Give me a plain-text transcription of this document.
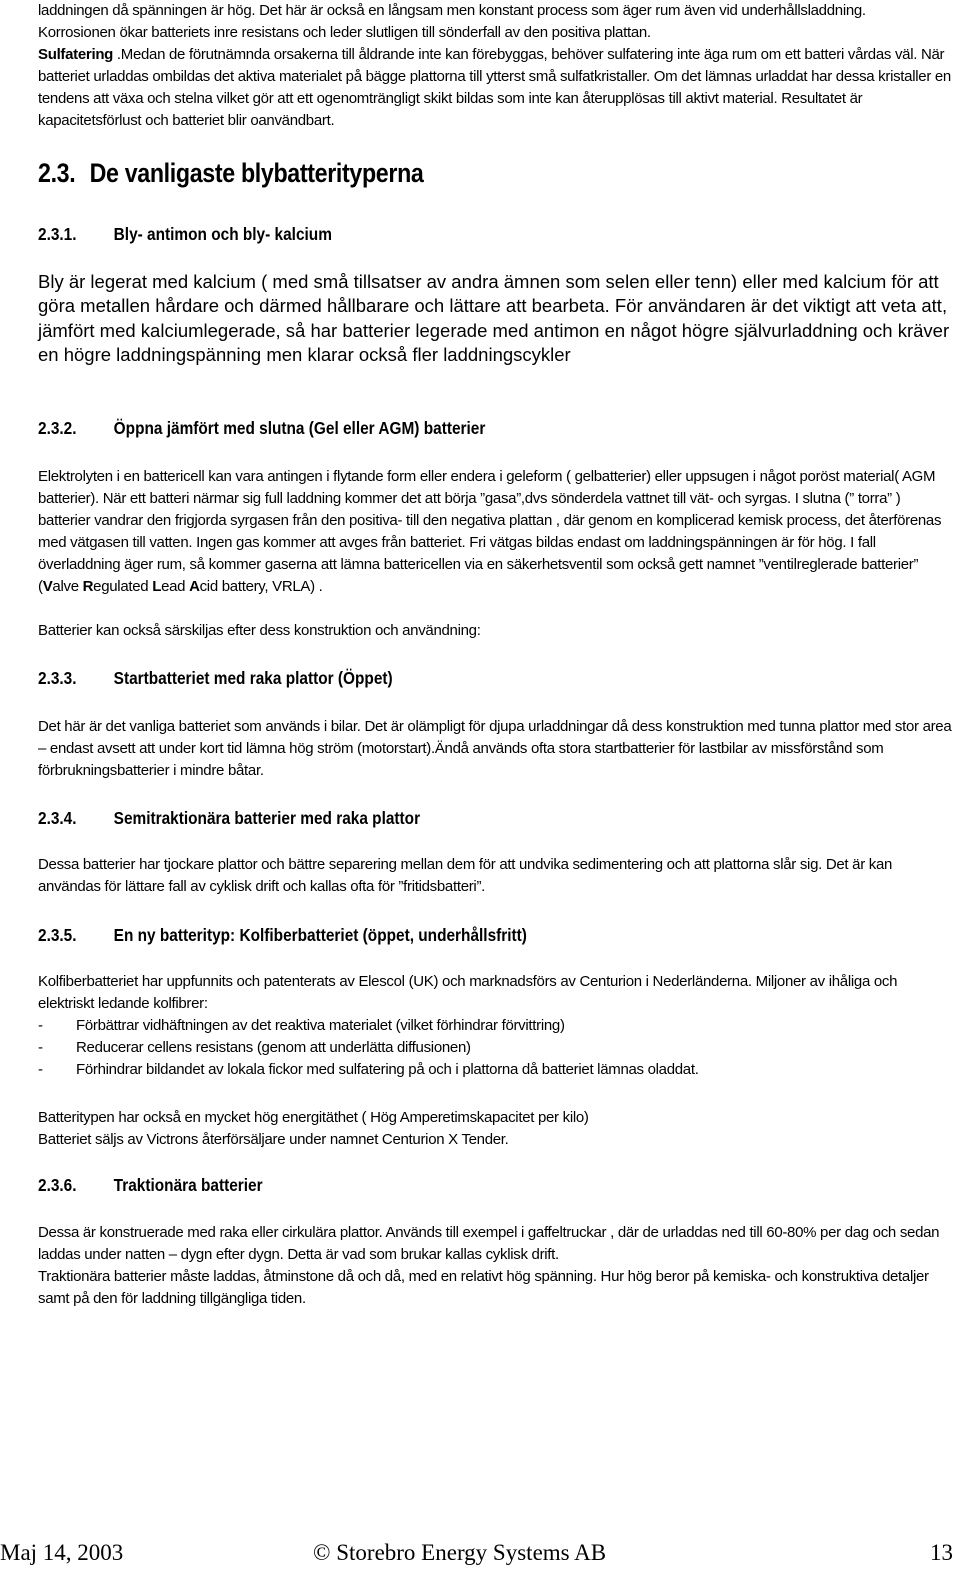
laddningen då spänningen är hög. Det här är också en långsam men konstant process som äger rum även vid underhållsladdning.

Korrosionen ökar batteriets inre resistans och leder slutligen till sönderfall av den positiva plattan.

Sulfatering .Medan de förutnämnda orsakerna till åldrande inte kan förebyggas, behöver sulfatering inte äga rum om ett batteri vårdas väl. När batteriet urladdas ombildas det aktiva materialet på bägge plattorna till ytterst små sulfatkristaller. Om det lämnas urladdat har dessa kristaller en tendens att växa och stelna vilket gör att ett ogenomträngligt skikt bildas som inte kan återupplösas till aktivt material. Resultatet är kapacitetsförlust och batteriet blir oanvändbart.

2.3. De vanligaste blybatterityperna
2.3.1. Bly- antimon och bly- kalcium
Bly är legerat med kalcium ( med små tillsatser av andra ämnen som selen eller tenn) eller med kalcium för att göra metallen hårdare och därmed hållbarare och lättare att bearbeta. För användaren är det viktigt att veta att, jämfört med kalciumlegerade, så har batterier legerade med antimon en något högre självurladdning och kräver en högre laddningspänning men klarar också fler laddningscykler
2.3.2. Öppna jämfört med slutna (Gel eller AGM) batterier

Elektrolyten i en battericell kan vara antingen i flytande form eller endera i geleform ( gelbatterier) eller uppsugen i något poröst material( AGM batterier). När ett batteri närmar sig full laddning kommer det att börja ”gasa”,dvs sönderdela vattnet till vät- och syrgas. I slutna (” torra” ) batterier vandrar den frigjorda syrgasen från den positiva- till den negativa plattan , där genom en komplicerad kemisk process, det återförenas med vätgasen till vatten. Ingen gas kommer att avges från batteriet. Fri vätgas bildas endast om laddningspänningen är för hög. I fall överladdning äger rum, så kommer gaserna att lämna battericellen via en säkerhetsventil som också gett namnet ”ventilreglerade batterier” (Valve Regulated Lead Acid battery, VRLA) .

Batterier kan också särskiljas efter dess konstruktion och användning:
2.3.3. Startbatteriet med raka plattor (Öppet)
Det här är det vanliga batteriet som används i bilar. Det är olämpligt för djupa urladdningar då dess konstruktion med tunna plattor med stor area – endast avsett att under kort tid lämna hög ström (motorstart).Ändå används ofta stora startbatterier för lastbilar av missförstånd som förbrukningsbatterier i mindre båtar.
2.3.4. Semitraktionära batterier med raka plattor
Dessa batterier har tjockare plattor och bättre separering mellan dem för att undvika sedimentering och att plattorna slår sig. Det är kan användas för lättare fall av cyklisk drift och kallas ofta för ”fritidsbatteri”.
2.3.5. En ny batterityp: Kolfiberbatteriet (öppet, underhållsfritt)

Kolfiberbatteriet har uppfunnits och patenterats av Elescol (UK) och marknadsförs av Centurion i Nederländerna. Miljoner av ihåliga och elektriskt ledande kolfibrer:

-	Förbättrar vidhäftningen av det reaktiva materialet (vilket förhindrar förvittring)
-	Reducerar cellens resistans (genom att underlätta diffusionen)
-	Förhindrar bildandet av lokala fickor med sulfatering på och i plattorna då batteriet lämnas oladdat.

Batteritypen har också en mycket hög energitäthet ( Hög Amperetimskapacitet per kilo)

Batteriet säljs av Victrons återförsäljare under namnet Centurion X Tender.

2.3.6. Traktionära batterier

Dessa är konstruerade med raka eller cirkulära plattor. Används till exempel i gaffeltruckar , där de urladdas ned till 60-80% per dag och sedan laddas under natten – dygn efter dygn. Detta är vad som brukar kallas cyklisk drift.

Traktionära batterier måste laddas, åtminstone då och då, med en relativt hög spänning. Hur hög beror på kemiska- och konstruktiva detaljer samt på den för laddning tillgängliga tiden.

Maj 14, 2003	© Storebro Energy Systems AB	13
